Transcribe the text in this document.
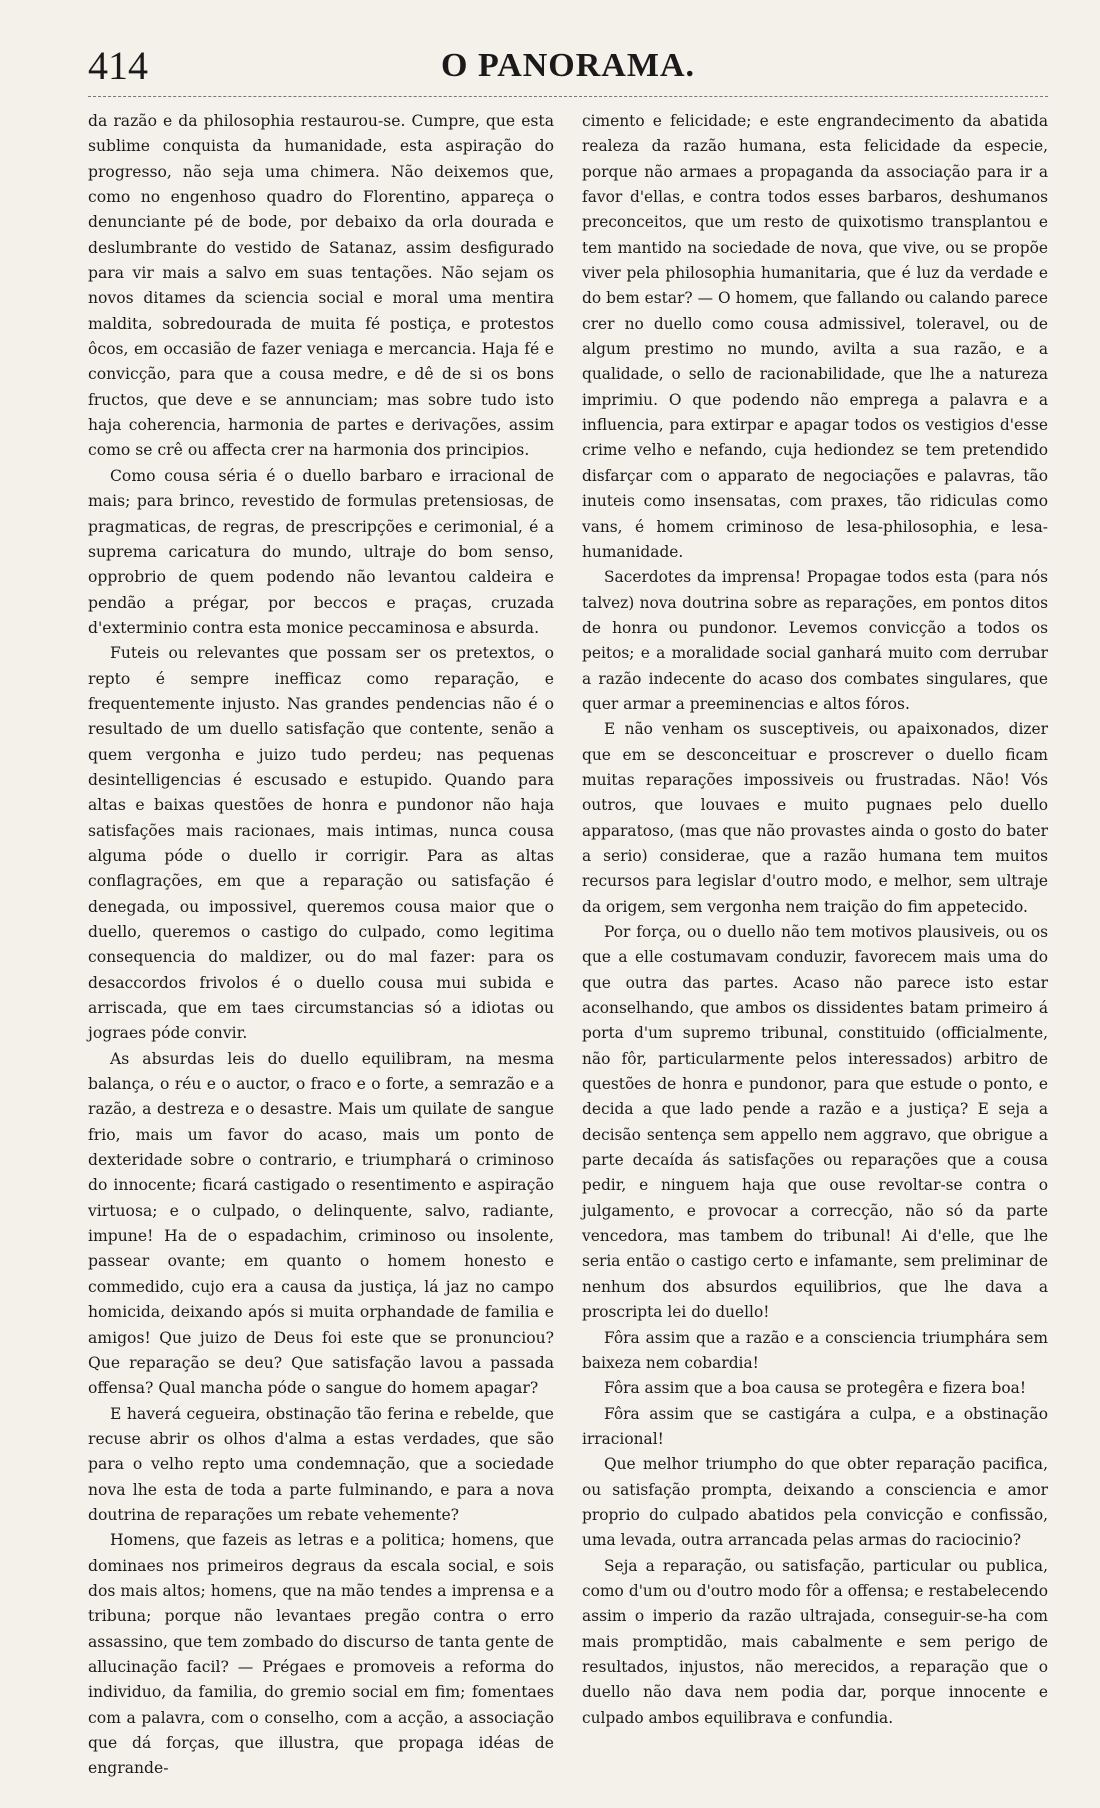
414	O PANORAMA.

da razão e da philosophia restaurou-se. Cumpre, que esta sublime conquista da humanidade, esta aspiração do progresso, não seja uma chimera. Não deixemos que, como no engenhoso quadro do Florentino, appareça o denunciante pé de bode, por debaixo da orla dourada e deslumbrante do vestido de Satanaz, assim desfigurado para vir mais a salvo em suas tentações. Não sejam os novos ditames da sciencia social e moral uma mentira maldita, sobredourada de muita fé postiça, e protestos ôcos, em occasião de fazer veniaga e mercancia. Haja fé e convicção, para que a cousa medre, e dê de si os bons fructos, que deve e se annunciam; mas sobre tudo isto haja coherencia, harmonia de partes e derivações, assim como se crê ou affecta crer na harmonia dos principios.

Como cousa séria é o duello barbaro e irracional de mais; para brinco, revestido de formulas pretensiosas, de pragmaticas, de regras, de prescripções e cerimonial, é a suprema caricatura do mundo, ultraje do bom senso, opprobrio de quem podendo não levantou caldeira e pendão a prégar, por beccos e praças, cruzada d'exterminio contra esta monice peccaminosa e absurda.

Futeis ou relevantes que possam ser os pretextos, o repto é sempre inefficaz como reparação, e frequentemente injusto. Nas grandes pendencias não é o resultado de um duello satisfação que contente, senão a quem vergonha e juizo tudo perdeu; nas pequenas desintelligencias é escusado e estupido. Quando para altas e baixas questões de honra e pundonor não haja satisfações mais racionaes, mais intimas, nunca cousa alguma póde o duello ir corrigir. Para as altas conflagrações, em que a reparação ou satisfação é denegada, ou impossivel, queremos cousa maior que o duello, queremos o castigo do culpado, como legitima consequencia do maldizer, ou do mal fazer: para os desaccordos frivolos é o duello cousa mui subida e arriscada, que em taes circumstancias só a idiotas ou jograes póde convir.

As absurdas leis do duello equilibram, na mesma balança, o réu e o auctor, o fraco e o forte, a semrazão e a razão, a destreza e o desastre. Mais um quilate de sangue frio, mais um favor do acaso, mais um ponto de dexteridade sobre o contrario, e triumphará o criminoso do innocente; ficará castigado o resentimento e aspiração virtuosa; e o culpado, o delinquente, salvo, radiante, impune! Ha de o espadachim, criminoso ou insolente, passear ovante; em quanto o homem honesto e commedido, cujo era a causa da justiça, lá jaz no campo homicida, deixando após si muita orphandade de familia e amigos! Que juizo de Deus foi este que se pronunciou? Que reparação se deu? Que satisfação lavou a passada offensa? Qual mancha póde o sangue do homem apagar?

E haverá cegueira, obstinação tão ferina e rebelde, que recuse abrir os olhos d'alma a estas verdades, que são para o velho repto uma condemnação, que a sociedade nova lhe esta de toda a parte fulminando, e para a nova doutrina de reparações um rebate vehemente?

Homens, que fazeis as letras e a politica; homens, que dominaes nos primeiros degraus da escala social, e sois dos mais altos; homens, que na mão tendes a imprensa e a tribuna; porque não levantaes pregão contra o erro assassino, que tem zombado do discurso de tanta gente de allucinação facil? — Prégaes e promoveis a reforma do individuo, da familia, do gremio social em fim; fomentaes com a palavra, com o conselho, com a acção, a associação que dá forças, que illustra, que propaga idéas de engrande-

cimento e felicidade; e este engrandecimento da abatida realeza da razão humana, esta felicidade da especie, porque não armaes a propaganda da associação para ir a favor d'ellas, e contra todos esses barbaros, deshumanos preconceitos, que um resto de quixotismo transplantou e tem mantido na sociedade de nova, que vive, ou se propõe viver pela philosophia humanitaria, que é luz da verdade e do bem estar? — O homem, que fallando ou calando parece crer no duello como cousa admissivel, toleravel, ou de algum prestimo no mundo, avilta a sua razão, e a qualidade, o sello de racionabilidade, que lhe a natureza imprimiu. O que podendo não emprega a palavra e a influencia, para extirpar e apagar todos os vestigios d'esse crime velho e nefando, cuja hediondez se tem pretendido disfarçar com o apparato de negociações e palavras, tão inuteis como insensatas, com praxes, tão ridiculas como vans, é homem criminoso de lesa-philosophia, e lesa-humanidade.

Sacerdotes da imprensa! Propagae todos esta (para nós talvez) nova doutrina sobre as reparações, em pontos ditos de honra ou pundonor. Levemos convicção a todos os peitos; e a moralidade social ganhará muito com derrubar a razão indecente do acaso dos combates singulares, que quer armar a preeminencias e altos fóros.

E não venham os susceptiveis, ou apaixonados, dizer que em se desconceituar e proscrever o duello ficam muitas reparações impossiveis ou frustradas. Não! Vós outros, que louvaes e muito pugnaes pelo duello apparatoso, (mas que não provastes ainda o gosto do bater a serio) considerae, que a razão humana tem muitos recursos para legislar d'outro modo, e melhor, sem ultraje da origem, sem vergonha nem traição do fim appetecido.

Por força, ou o duello não tem motivos plausiveis, ou os que a elle costumavam conduzir, favorecem mais uma do que outra das partes. Acaso não parece isto estar aconselhando, que ambos os dissidentes batam primeiro á porta d'um supremo tribunal, constituido (officialmente, não fôr, particularmente pelos interessados) arbitro de questões de honra e pundonor, para que estude o ponto, e decida a que lado pende a razão e a justiça? E seja a decisão sentença sem appello nem aggravo, que obrigue a parte decaída ás satisfações ou reparações que a cousa pedir, e ninguem haja que ouse revoltar-se contra o julgamento, e provocar a correcção, não só da parte vencedora, mas tambem do tribunal! Ai d'elle, que lhe seria então o castigo certo e infamante, sem preliminar de nenhum dos absurdos equilibrios, que lhe dava a proscripta lei do duello!

Fôra assim que a razão e a consciencia triumphára sem baixeza nem cobardia!

Fôra assim que a boa causa se protegêra e fizera boa!

Fôra assim que se castigára a culpa, e a obstinação irracional!

Que melhor triumpho do que obter reparação pacifica, ou satisfação prompta, deixando a consciencia e amor proprio do culpado abatidos pela convicção e confissão, uma levada, outra arrancada pelas armas do raciocinio?

Seja a reparação, ou satisfação, particular ou publica, como d'um ou d'outro modo fôr a offensa; e restabelecendo assim o imperio da razão ultrajada, conseguir-se-ha com mais promptidão, mais cabalmente e sem perigo de resultados, injustos, não merecidos, a reparação que o duello não dava nem podia dar, porque innocente e culpado ambos equilibrava e confundia.
